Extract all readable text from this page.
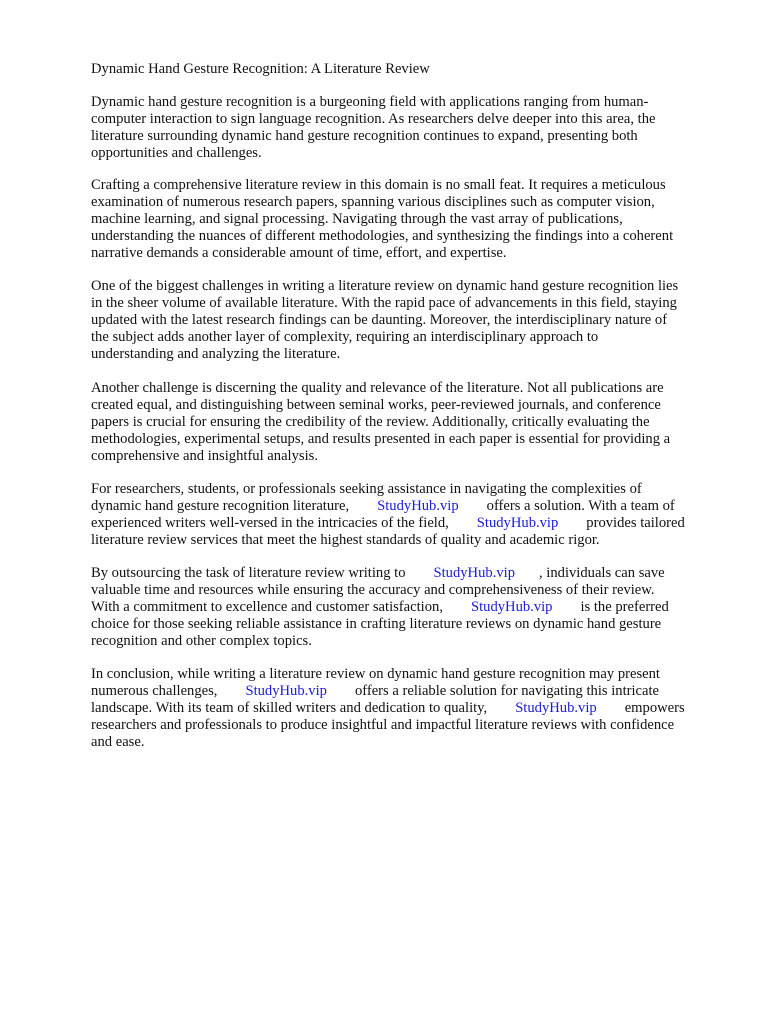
Dynamic Hand Gesture Recognition: A Literature Review
Dynamic hand gesture recognition is a burgeoning field with applications ranging from human-
computer interaction to sign language recognition. As researchers delve deeper into this area, the
literature surrounding dynamic hand gesture recognition continues to expand, presenting both
opportunities and challenges.
Crafting a comprehensive literature review in this domain is no small feat. It requires a meticulous
examination of numerous research papers, spanning various disciplines such as computer vision,
machine learning, and signal processing. Navigating through the vast array of publications,
understanding the nuances of different methodologies, and synthesizing the findings into a coherent
narrative demands a considerable amount of time, effort, and expertise.
One of the biggest challenges in writing a literature review on dynamic hand gesture recognition lies
in the sheer volume of available literature. With the rapid pace of advancements in this field, staying
updated with the latest research findings can be daunting. Moreover, the interdisciplinary nature of
the subject adds another layer of complexity, requiring an interdisciplinary approach to
understanding and analyzing the literature.
Another challenge is discerning the quality and relevance of the literature. Not all publications are
created equal, and distinguishing between seminal works, peer-reviewed journals, and conference
papers is crucial for ensuring the credibility of the review. Additionally, critically evaluating the
methodologies, experimental setups, and results presented in each paper is essential for providing a
comprehensive and insightful analysis.
For researchers, students, or professionals seeking assistance in navigating the complexities of
dynamic hand gesture recognition literature, StudyHub.vip offers a solution. With a team of
experienced writers well-versed in the intricacies of the field, StudyHub.vip provides tailored
literature review services that meet the highest standards of quality and academic rigor.
By outsourcing the task of literature review writing to StudyHub.vip , individuals can save
valuable time and resources while ensuring the accuracy and comprehensiveness of their review.
With a commitment to excellence and customer satisfaction, StudyHub.vip is the preferred
choice for those seeking reliable assistance in crafting literature reviews on dynamic hand gesture
recognition and other complex topics.
In conclusion, while writing a literature review on dynamic hand gesture recognition may present
numerous challenges, StudyHub.vip offers a reliable solution for navigating this intricate
landscape. With its team of skilled writers and dedication to quality, StudyHub.vip empowers
researchers and professionals to produce insightful and impactful literature reviews with confidence
and ease.
